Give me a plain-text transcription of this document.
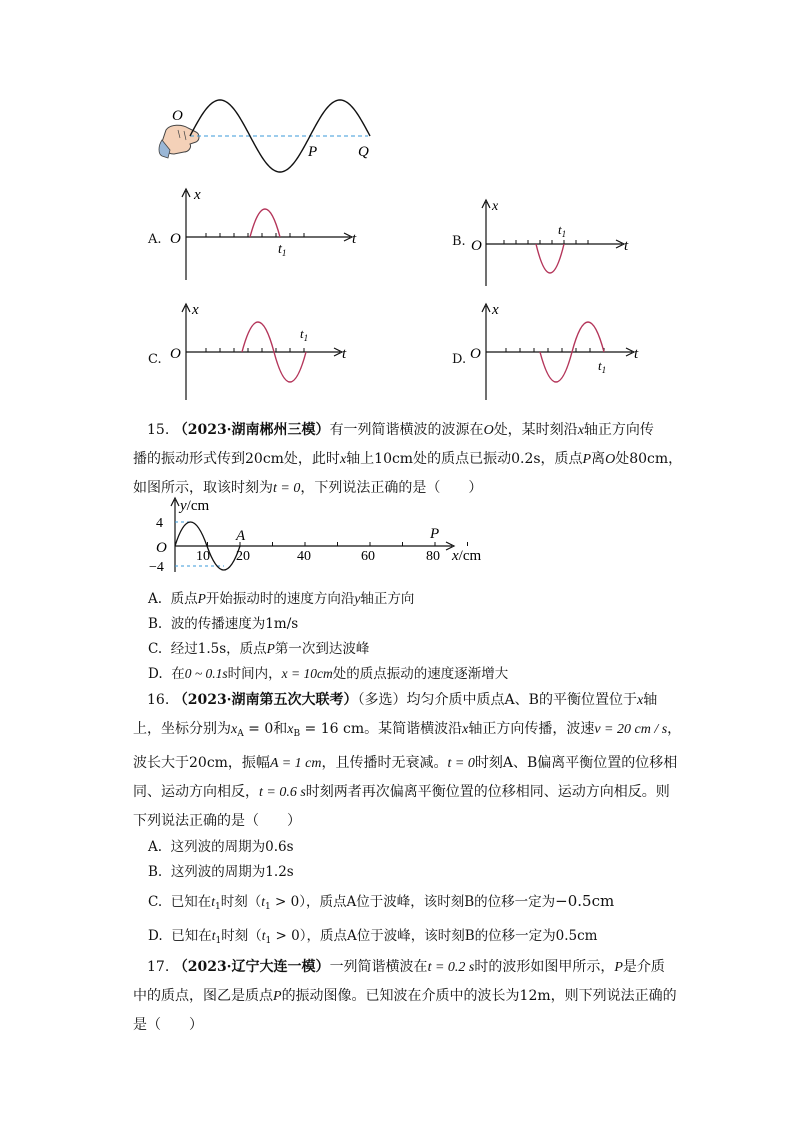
O
P	Q
A.
x
O	t
$t_1$
B.
x
O	t
$t_1$
C.
x
O	t
$t_1$
D.
x
O	t
$t_1$
15. （2023·湖南郴州三模）有一列简谐横波的波源在O处，某时刻沿x轴正方向传
播的振动形式传到20cm处，此时x轴上10cm处的质点已振动0.2s，质点P离O处80cm，
如图所示，取该时刻为t = 0，下列说法正确的是（　　）
y/cm
4
−4
O
10 20	40	60	80
A	P
x/cm
A. 质点P开始振动时的速度方向沿y轴正方向
B. 波的传播速度为1m/s
C. 经过1.5s，质点P第一次到达波峰
D. 在0 ~ 0.1s时间内，x = 10cm处的质点振动的速度逐渐增大
16. （2023·湖南第五次大联考）（多选）均匀介质中质点A、B的平衡位置位于x轴
上，坐标分别为$x_A = 0$和$x_B = 16$ cm。某简谐横波沿x轴正方向传播，波速v = 20 cm / s，
波长大于20cm，振幅A = 1 cm，且传播时无衰减。t = 0时刻A、B偏离平衡位置的位移相
同、运动方向相反，t = 0.6 s时刻两者再次偏离平衡位置的位移相同、运动方向相反。则
下列说法正确的是（　　）
A. 这列波的周期为0.6s
B. 这列波的周期为1.2s
C. 已知在$t_1$时刻$(t_1 > 0)$，质点A位于波峰，该时刻B的位移一定为−0.5cm
D. 已知在$t_1$时刻$(t_1 > 0)$，质点A位于波峰，该时刻B的位移一定为0.5cm
17. （2023·辽宁大连一模）一列简谐横波在t = 0.2 s时的波形如图甲所示，P是介质
中的质点，图乙是质点P的振动图像。已知波在介质中的波长为12m，则下列说法正确的
是（　　）
